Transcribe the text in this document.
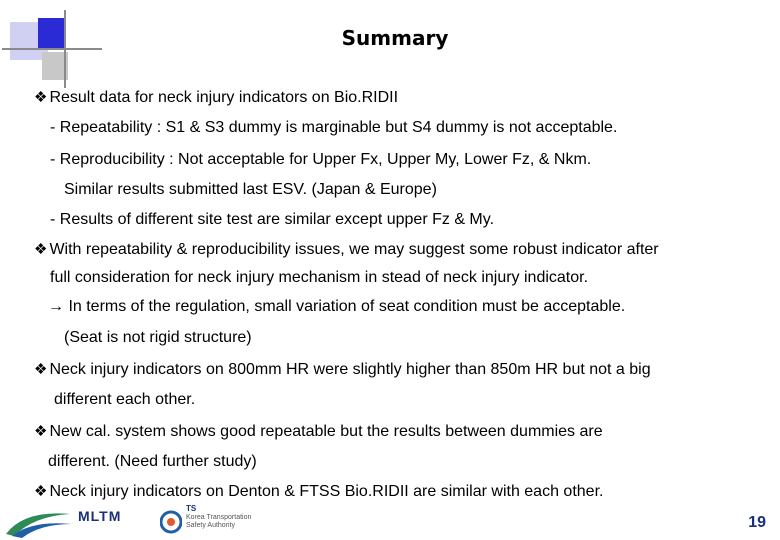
Summary
❖ Result data for neck injury indicators on Bio.RIDII
- Repeatability : S1 & S3 dummy is marginable but S4 dummy is not acceptable.
- Reproducibility : Not acceptable for Upper Fx, Upper My, Lower Fz, & Nkm.
Similar results submitted last ESV. (Japan & Europe)
- Results of different site test are similar except upper Fz & My.
❖ With repeatability & reproducibility issues, we may suggest some robust indicator after
full consideration for neck injury mechanism in stead of neck injury indicator.
→ In terms of the regulation, small variation of seat condition must be acceptable.
(Seat is not rigid structure)
❖ Neck injury indicators on 800mm HR were slightly higher than 850m HR but not a big
different each other.
❖ New cal. system shows good repeatable but the results between dummies are
different. (Need further study)
❖ Neck injury indicators on Denton & FTSS Bio.RIDII are similar with each other.
MLTM	TS
Korea Transportation Safety Authority	19
